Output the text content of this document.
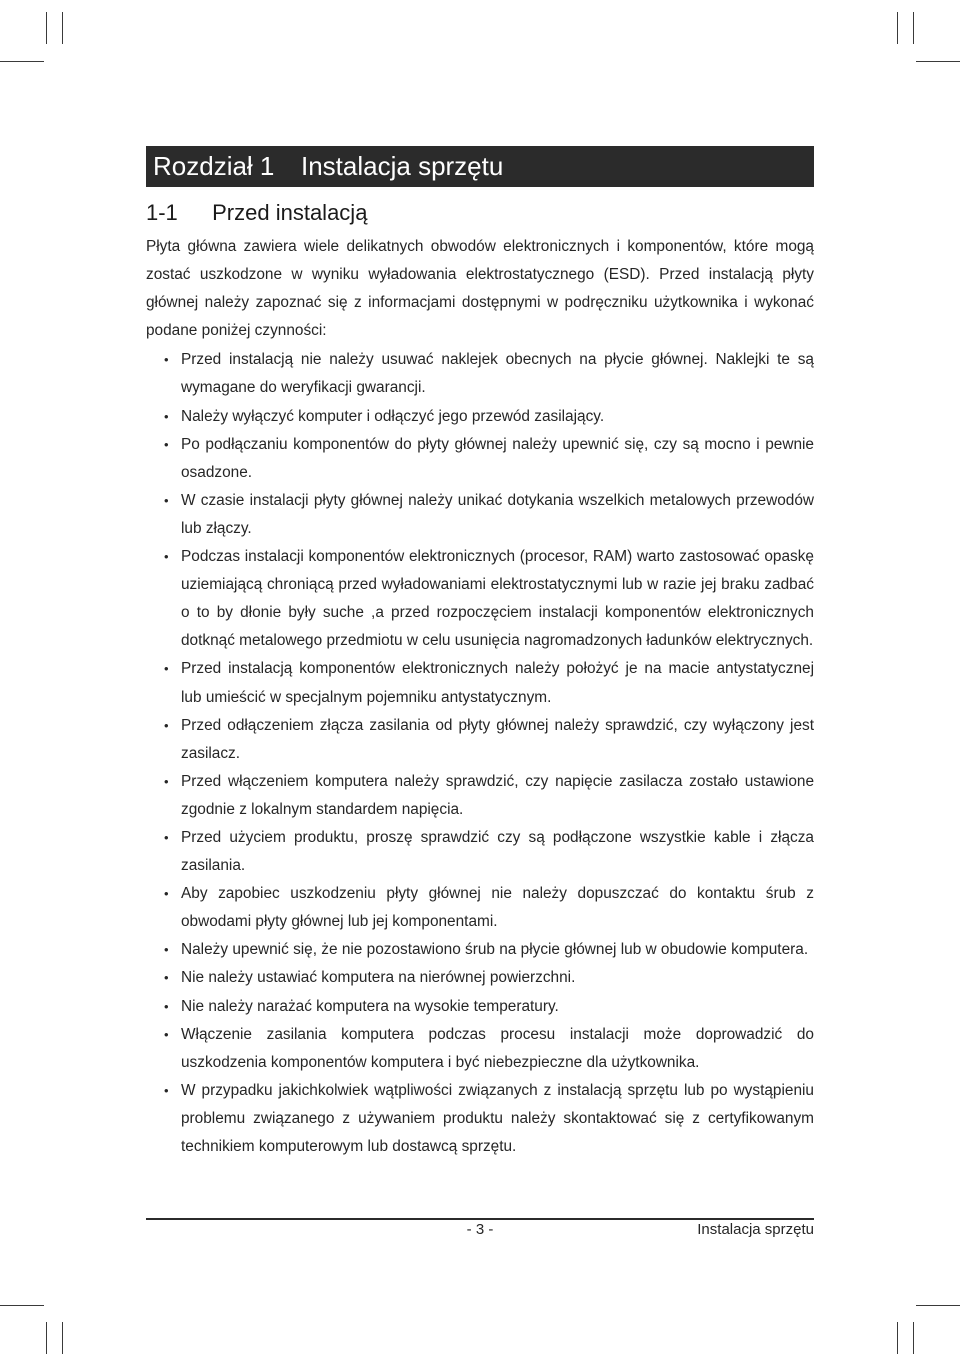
Rozdział 1	Instalacja sprzętu
1-1 Przed instalacją

Płyta główna zawiera wiele delikatnych obwodów elektronicznych i komponentów, które mogą zostać uszkodzone w wyniku wyładowania elektrostatycznego (ESD). Przed instalacją płyty głównej należy zapoznać się z informacjami dostępnymi w podręczniku użytkownika i wykonać podane poniżej czynności:

• Przed instalacją nie należy usuwać naklejek obecnych na płycie głównej. Naklejki te są wymagane do weryfikacji gwarancji.
• Należy wyłączyć komputer i odłączyć jego przewód zasilający.
• Po podłączaniu komponentów do płyty głównej należy upewnić się, czy są mocno i pewnie osadzone.
• W czasie instalacji płyty głównej należy unikać dotykania wszelkich metalowych przewodów lub złączy.
• Podczas instalacji komponentów elektronicznych (procesor, RAM) warto zastosować opaskę uziemiającą chroniącą przed wyładowaniami elektrostatycznymi lub w razie jej braku zadbać o to by dłonie były suche ,a przed rozpoczęciem instalacji komponentów elektronicznych dotknąć metalowego przedmiotu w celu usunięcia nagromadzonych ładunków elektrycznych.
• Przed instalacją komponentów elektronicznych należy położyć je na macie antystatycznej lub umieścić w specjalnym pojemniku antystatycznym.
• Przed odłączeniem złącza zasilania od płyty głównej należy sprawdzić, czy wyłączony jest zasilacz.
• Przed włączeniem komputera należy sprawdzić, czy napięcie zasilacza zostało ustawione zgodnie z lokalnym standardem napięcia.
• Przed użyciem produktu, proszę sprawdzić czy są podłączone wszystkie kable i złącza zasilania.
• Aby zapobiec uszkodzeniu płyty głównej nie należy dopuszczać do kontaktu śrub z obwodami płyty głównej lub jej komponentami.
• Należy upewnić się, że nie pozostawiono śrub na płycie głównej lub w obudowie komputera.
• Nie należy ustawiać komputera na nierównej powierzchni.
• Nie należy narażać komputera na wysokie temperatury.
• Włączenie zasilania komputera podczas procesu instalacji może doprowadzić do uszkodzenia komponentów komputera i być niebezpieczne dla użytkownika.
• W przypadku jakichkolwiek wątpliwości związanych z instalacją sprzętu lub po wystąpieniu problemu związanego z używaniem produktu należy skontaktować się z certyfikowanym technikiem komputerowym lub dostawcą sprzętu.
- 3 -	Instalacja sprzętu
